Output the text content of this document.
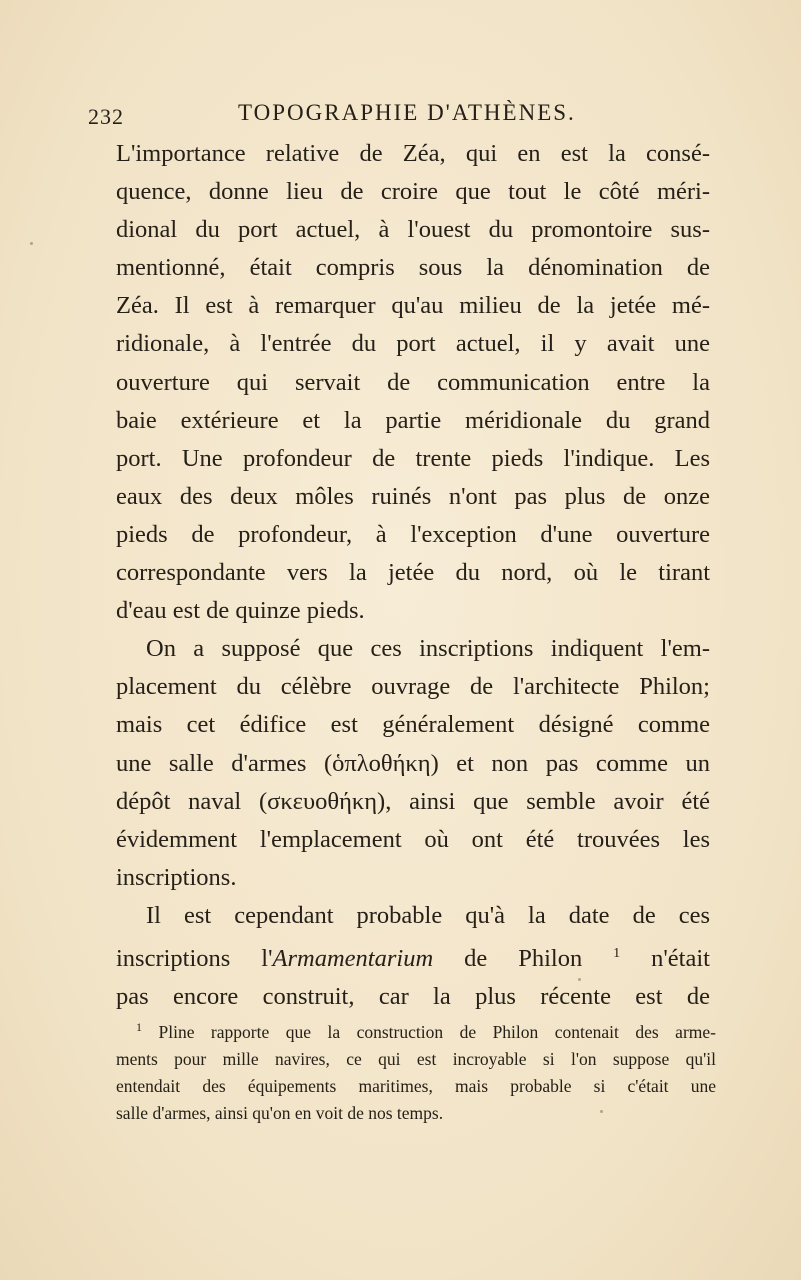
232	TOPOGRAPHIE D'ATHÈNES.
L'importance relative de Zéa, qui en est la consé-
quence, donne lieu de croire que tout le côté méri-
dional du port actuel, à l'ouest du promontoire sus-
mentionné, était compris sous la dénomination de
Zéa. Il est à remarquer qu'au milieu de la jetée mé-
ridionale, à l'entrée du port actuel, il y avait une
ouverture qui servait de communication entre la
baie extérieure et la partie méridionale du grand
port. Une profondeur de trente pieds l'indique. Les
eaux des deux môles ruinés n'ont pas plus de onze
pieds de profondeur, à l'exception d'une ouverture
correspondante vers la jetée du nord, où le tirant
d'eau est de quinze pieds.
On a supposé que ces inscriptions indiquent l'em-
placement du célèbre ouvrage de l'architecte Philon;
mais cet édifice est généralement désigné comme
une salle d'armes (ὁπλοθήκη) et non pas comme un
dépôt naval (σκευοθήκη), ainsi que semble avoir été
évidemment l'emplacement où ont été trouvées les
inscriptions.
Il est cependant probable qu'à la date de ces
inscriptions l'Armamentarium de Philon $^1$ n'était
pas encore construit, car la plus récente est de
$^1$ Pline rapporte que la construction de Philon contenait des arme-
ments pour mille navires, ce qui est incroyable si l'on suppose qu'il
entendait des équipements maritimes, mais probable si c'était une
salle d'armes, ainsi qu'on en voit de nos temps.
